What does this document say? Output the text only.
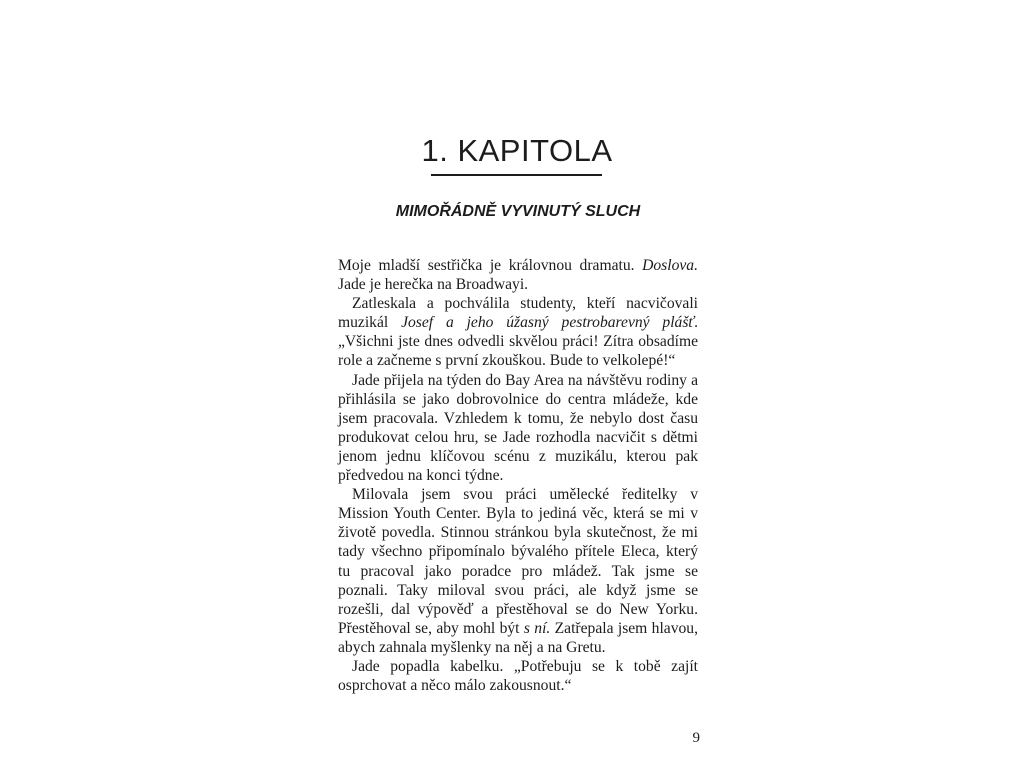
1. KAPITOLA
MIMOŘÁDNĚ VYVINUTÝ SLUCH

Moje mladší sestřička je královnou dramatu. Doslova. Jade je herečka na Broadwayi.

Zatleskala a pochválila studenty, kteří nacvičovali muzikál Josef a jeho úžasný pestrobarevný plášť. „Všichni jste dnes odvedli skvělou práci! Zítra obsadíme role a začneme s první zkouškou. Bude to velkolepé!“

Jade přijela na týden do Bay Area na návštěvu rodiny a přihlásila se jako dobrovolnice do centra mládeže, kde jsem pracovala. Vzhledem k tomu, že nebylo dost času produkovat celou hru, se Jade rozhodla nacvičit s dětmi jenom jednu klíčovou scénu z muzikálu, kterou pak předvedou na konci týdne.

Milovala jsem svou práci umělecké ředitelky v Mission Youth Center. Byla to jediná věc, která se mi v životě povedla. Stinnou stránkou byla skutečnost, že mi tady všechno připomínalo bývalého přítele Eleca, který tu pracoval jako poradce pro mládež. Tak jsme se poznali. Taky miloval svou práci, ale když jsme se rozešli, dal výpověď a přestěhoval se do New Yorku. Přestěhoval se, aby mohl být s ní. Zatřepala jsem hlavou, abych zahnala myšlenky na něj a na Gretu.

Jade popadla kabelku. „Potřebuju se k tobě zajít osprchovat a něco málo zakousnout.“

9
